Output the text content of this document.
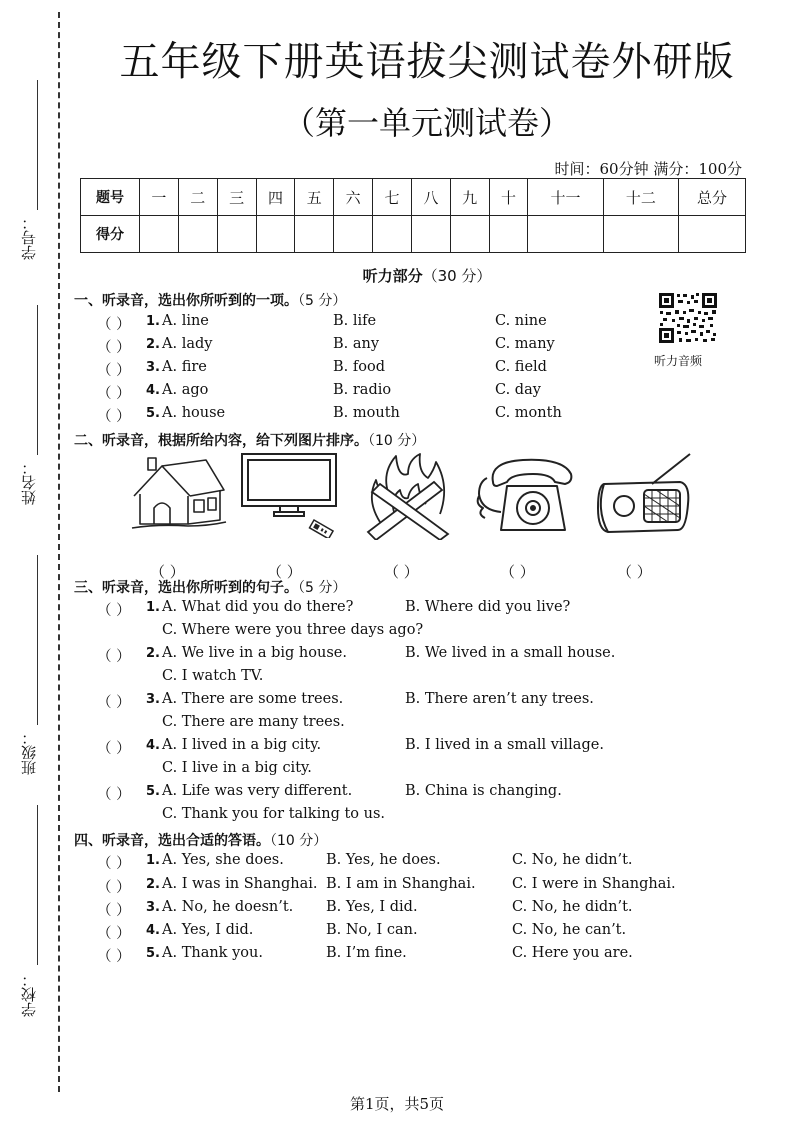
学号：
姓名：
班级：
学校：
五年级下册英语拔尖测试卷外研版
（第一单元测试卷）
时间：60分钟 满分：100分
题号	一	二	三	四	五	六	七	八	九	十	十一	十二	总分
得分													
听力部分（30 分）
听力音频
一、听录音，选出你所听到的一项。（5 分）
（ ） 1. A. line	B. life	C. nine
（ ） 2. A. lady	B. any	C. many
（ ） 3. A. fire	B. food	C. field
（ ） 4. A. ago	B. radio	C. day
（ ） 5. A. house	B. mouth	C. month
二、听录音，根据所给内容，给下列图片排序。（10 分）
（ ）	（ ）	（ ）	（ ）	（ ）
三、听录音，选出你所听到的句子。（5 分）
（ ） 1. A. What did you do there?	B. Where did you live?
C. Where were you three days ago?
（ ） 2. A. We live in a big house.	B. We lived in a small house.
C. I watch TV.
（ ） 3. A. There are some trees.	B. There aren’t any trees.
C. There are many trees.
（ ） 4. A. I lived in a big city.	B. I lived in a small village.
C. I live in a big city.
（ ） 5. A. Life was very different.	B. China is changing.
C. Thank you for talking to us.
四、听录音，选出合适的答语。（10 分）
（ ） 1. A. Yes, she does.	B. Yes, he does.	C. No, he didn’t.
（ ） 2. A. I was in Shanghai. B. I am in Shanghai.	C. I were in Shanghai.
（ ） 3. A. No, he doesn’t. B. Yes, I did.	C. No, he didn’t.
（ ） 4. A. Yes, I did.	B. No, I can.	C. No, he can’t.
（ ） 5. A. Thank you.	B. I’m fine.	C. Here you are.
第1页，共5页
